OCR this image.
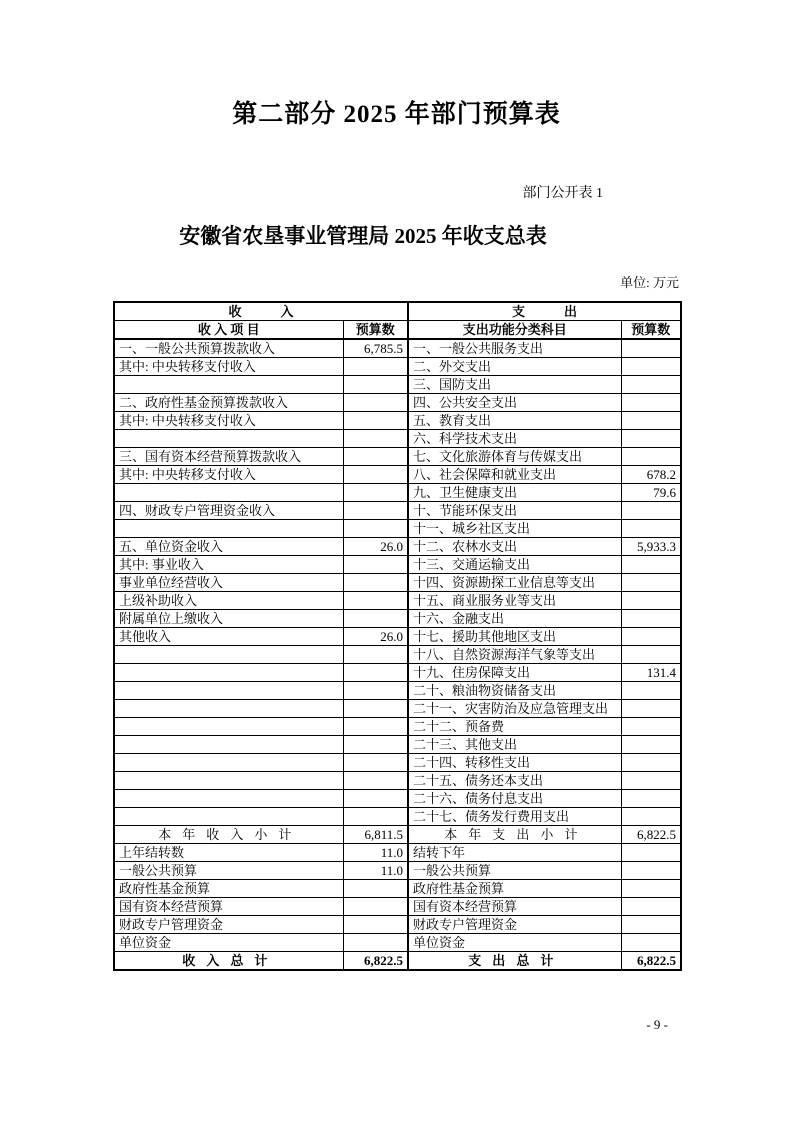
第二部分 2025 年部门预算表
部门公开表 1
安徽省农垦事业管理局 2025 年收支总表
单位: 万元
收入		支出	
收 入 项 目	预算数	支出功能分类科目	预算数
一、一般公共预算拨款收入	6,785.5	一、一般公共服务支出	
其中: 中央转移支付收入		二、外交支出	
		三、国防支出	
二、政府性基金预算拨款收入		四、公共安全支出	
其中: 中央转移支付收入		五、教育支出	
		六、科学技术支出	
三、国有资本经营预算拨款收入		七、文化旅游体育与传媒支出	
其中: 中央转移支付收入		八、社会保障和就业支出	678.2
		九、卫生健康支出	79.6
四、财政专户管理资金收入		十、节能环保支出	
		十一、城乡社区支出	
五、单位资金收入	26.0	十二、农林水支出	5,933.3
其中: 事业收入		十三、交通运输支出	
事业单位经营收入		十四、资源勘探工业信息等支出	
上级补助收入		十五、商业服务业等支出	
附属单位上缴收入		十六、金融支出	
其他收入	26.0	十七、援助其他地区支出	
		十八、自然资源海洋气象等支出	
		十九、住房保障支出	131.4
		二十、粮油物资储备支出	
		二十一、灾害防治及应急管理支出	
		二十二、预备费	
		二十三、其他支出	
		二十四、转移性支出	
		二十五、债务还本支出	
		二十六、债务付息支出	
		二十七、债务发行费用支出	
本 年 收 入 小 计	6,811.5	本 年 支 出 小 计	6,822.5
上年结转数	11.0	结转下年	
一般公共预算	11.0	一般公共预算	
政府性基金预算		政府性基金预算	
国有资本经营预算		国有资本经营预算	
财政专户管理资金		财政专户管理资金	
单位资金		单位资金	
收 入 总 计	6,822.5	支 出 总 计	6,822.5
- 9 -
